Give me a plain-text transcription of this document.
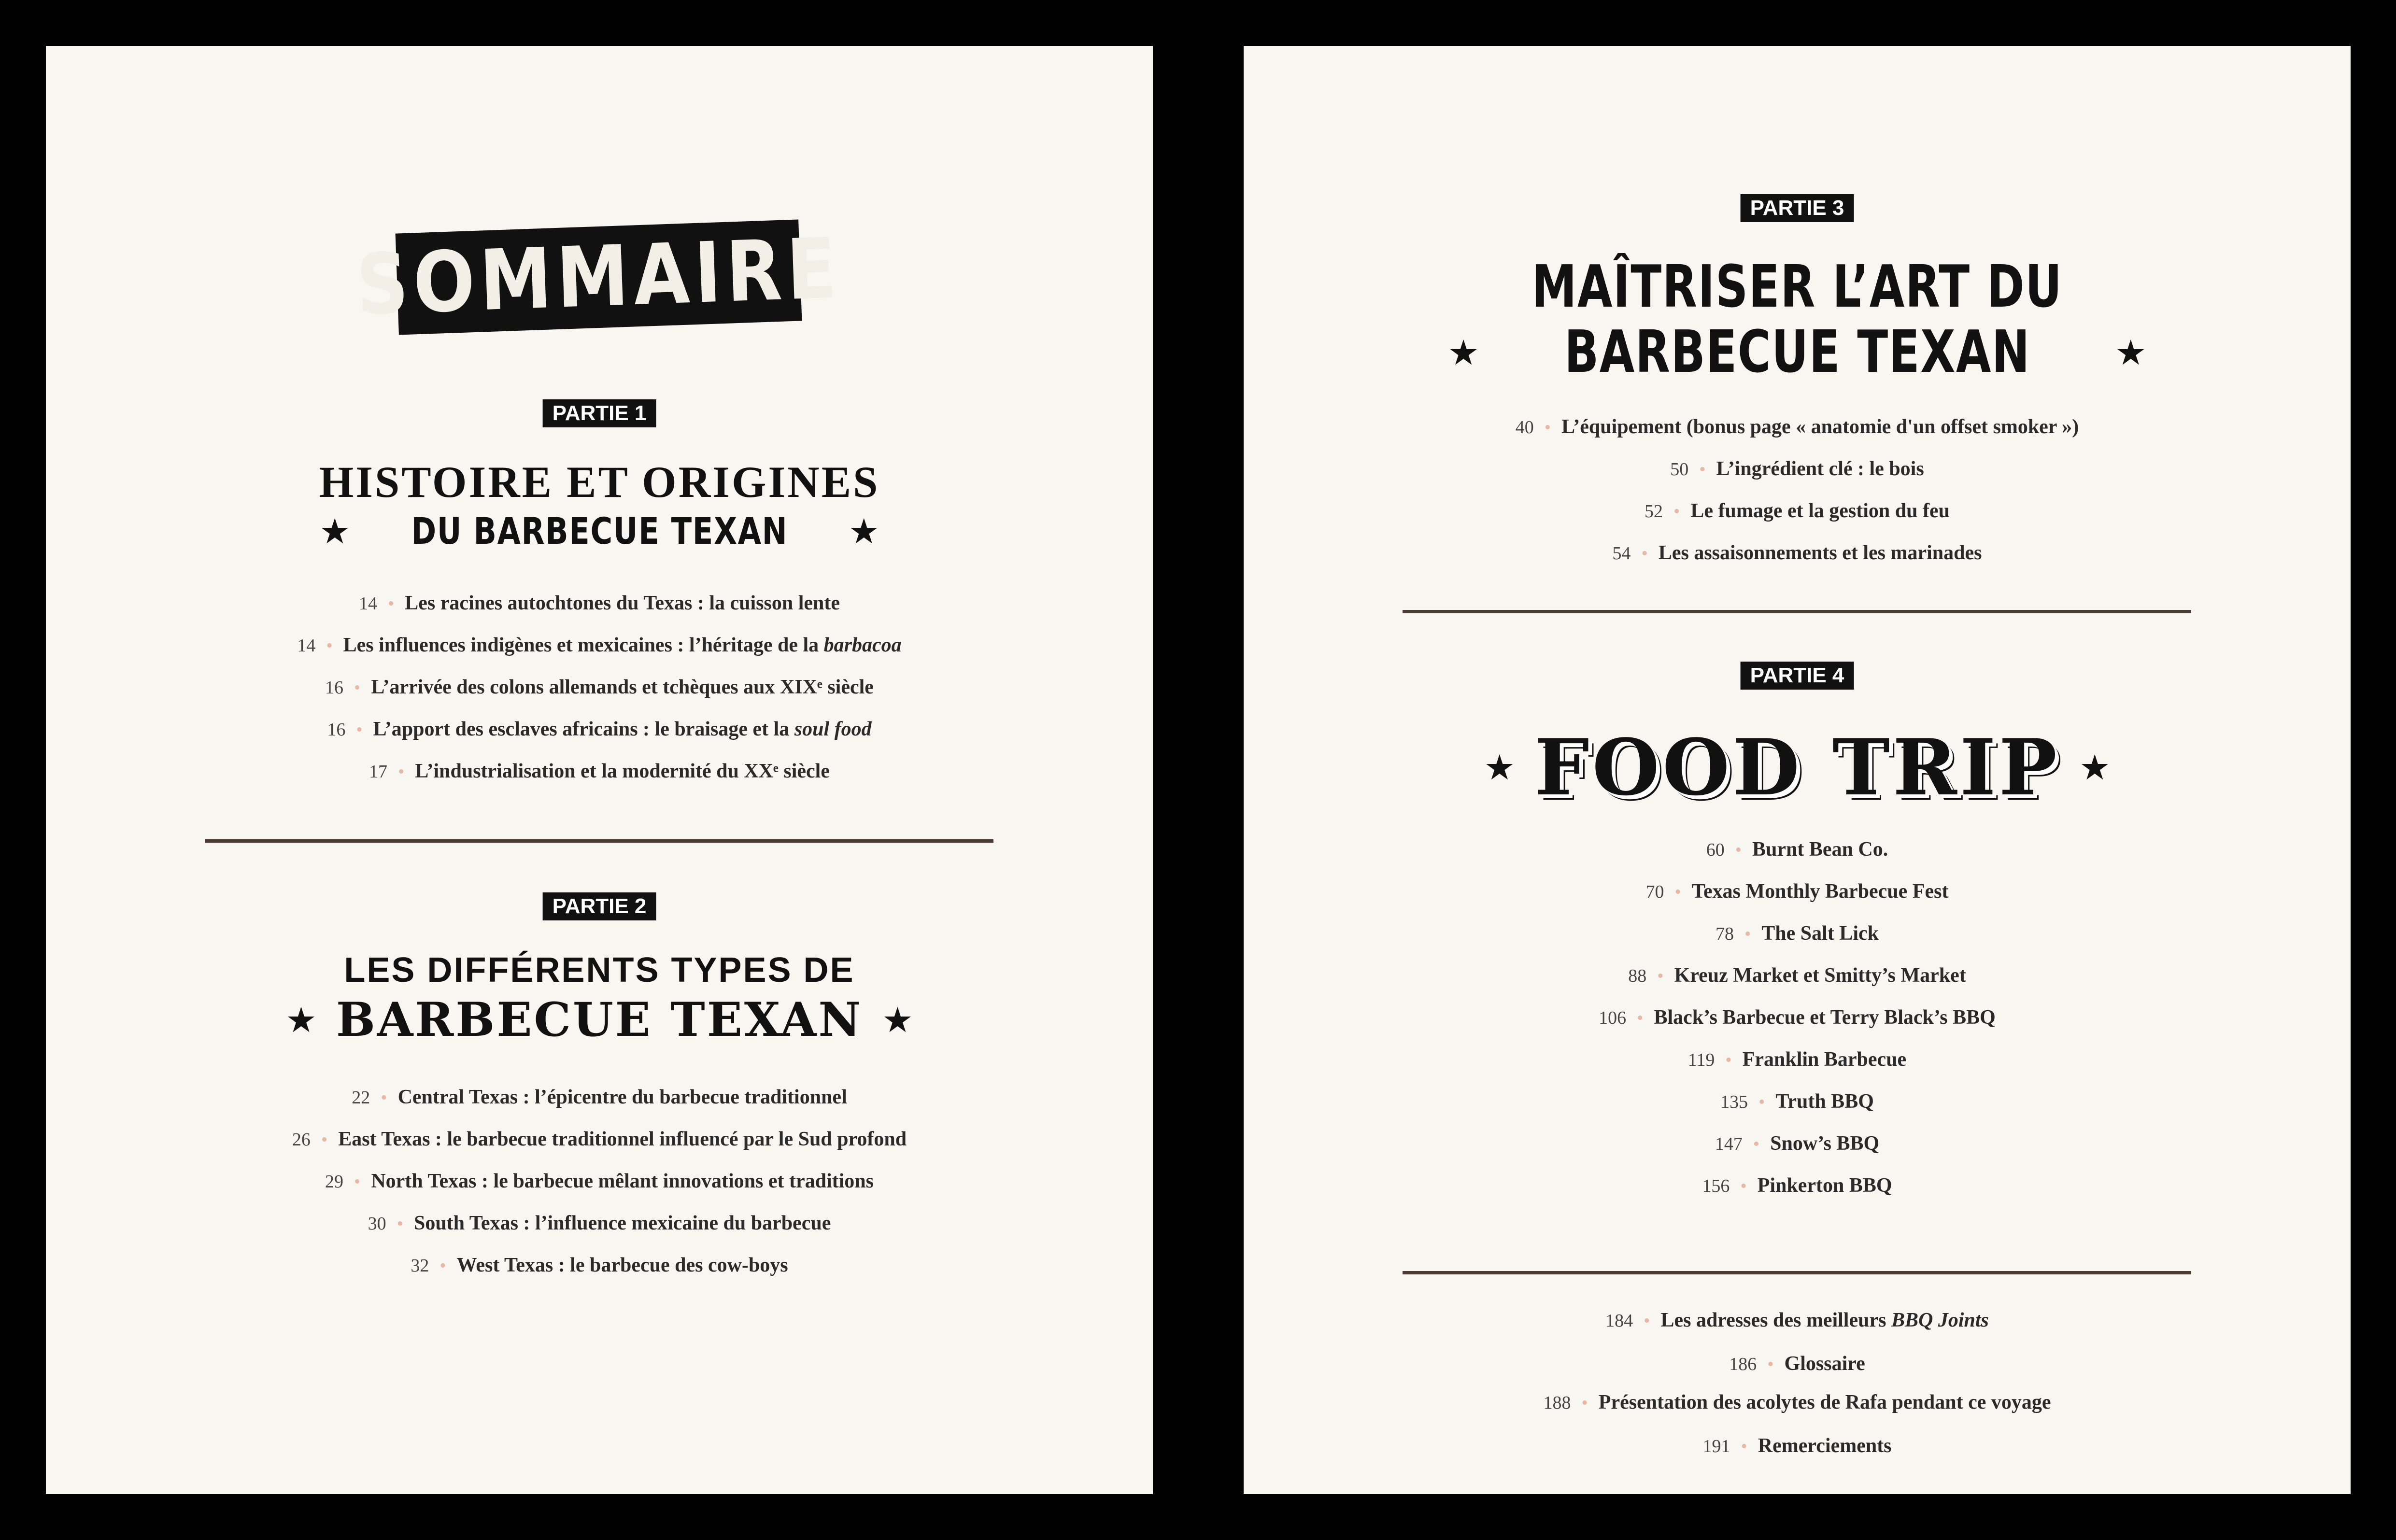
SOMMAIRE
PARTIE 1
HISTOIRE ET ORIGINES
★ DU BARBECUE TEXAN ★
14 • Les racines autochtones du Texas : la cuisson lente
14 • Les influences indigènes et mexicaines : l’héritage de la barbacoa
16 • L’arrivée des colons allemands et tchèques aux XIXᵉ siècle
16 • L’apport des esclaves africains : le braisage et la soul food
17 • L’industrialisation et la modernité du XXᵉ siècle
PARTIE 2
LES DIFFÉRENTS TYPES DE
★ BARBECUE TEXAN ★
22 • Central Texas : l’épicentre du barbecue traditionnel
26 • East Texas : le barbecue traditionnel influencé par le Sud profond
29 • North Texas : le barbecue mêlant innovations et traditions
30 • South Texas : l’influence mexicaine du barbecue
32 • West Texas : le barbecue des cow-boys
PARTIE 3
MAÎTRISER L’ART DU
★ BARBECUE TEXAN ★
40 • L’équipement (bonus page « anatomie d'un offset smoker »)
50 • L’ingrédient clé : le bois
52 • Le fumage et la gestion du feu
54 • Les assaisonnements et les marinades
PARTIE 4
★ FOOD TRIP ★
60 • Burnt Bean Co.
70 • Texas Monthly Barbecue Fest
78 • The Salt Lick
88 • Kreuz Market et Smitty’s Market
106 • Black’s Barbecue et Terry Black’s BBQ
119 • Franklin Barbecue
135 • Truth BBQ
147 • Snow’s BBQ
156 • Pinkerton BBQ
184 • Les adresses des meilleurs BBQ Joints
186 • Glossaire
188 • Présentation des acolytes de Rafa pendant ce voyage
191 • Remerciements
